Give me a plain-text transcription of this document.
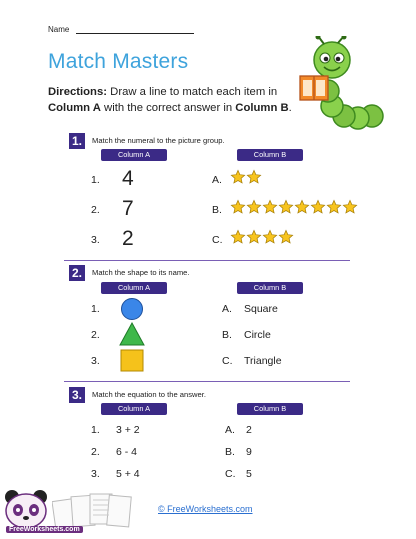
Name
Match Masters
Directions: Draw a line to match each item in Column A with the correct answer in Column B.
1.	Match the numeral to the picture group.
Column A	Column B
1. 4	A.
2. 7	B.
3. 2	C.
2.	Match the shape to its name.
Column A	Column B
1.	A. Square
2.	B. Circle
3.	C. Triangle
3.	Match the equation to the answer.
Column A	Column B
1. 3 + 2	A. 2
2. 6 - 4	B. 9
3. 5 + 4	C. 5
FreeWorksheets.com
© FreeWorksheets.com
